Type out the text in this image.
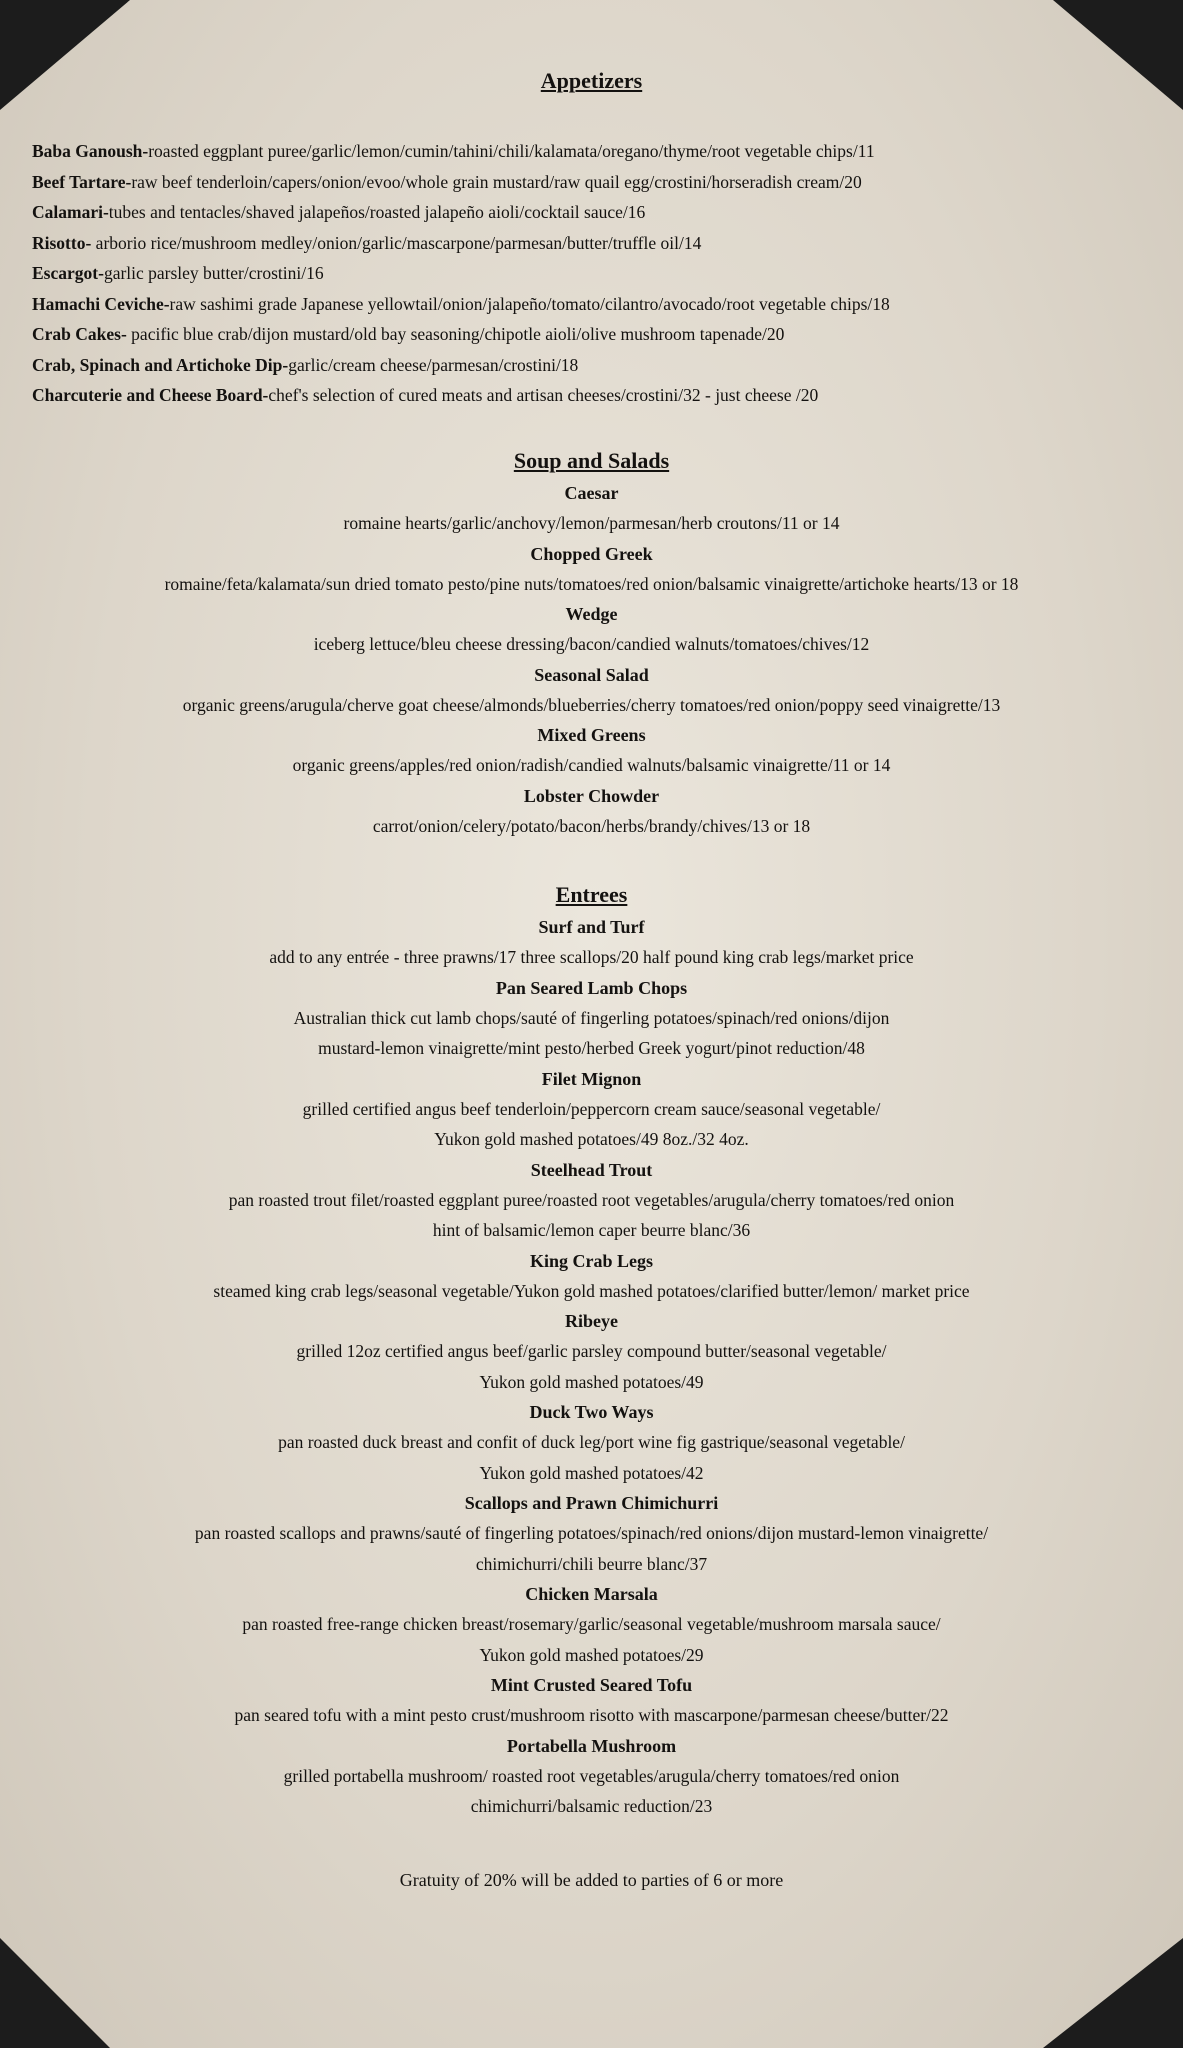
Appetizers
Baba Ganoush-roasted eggplant puree/garlic/lemon/cumin/tahini/chili/kalamata/oregano/thyme/root vegetable chips/11
Beef Tartare-raw beef tenderloin/capers/onion/evoo/whole grain mustard/raw quail egg/crostini/horseradish cream/20
Calamari-tubes and tentacles/shaved jalapeños/roasted jalapeño aioli/cocktail sauce/16
Risotto- arborio rice/mushroom medley/onion/garlic/mascarpone/parmesan/butter/truffle oil/14
Escargot-garlic parsley butter/crostini/16
Hamachi Ceviche-raw sashimi grade Japanese yellowtail/onion/jalapeño/tomato/cilantro/avocado/root vegetable chips/18
Crab Cakes- pacific blue crab/dijon mustard/old bay seasoning/chipotle aioli/olive mushroom tapenade/20
Crab, Spinach and Artichoke Dip-garlic/cream cheese/parmesan/crostini/18
Charcuterie and Cheese Board-chef's selection of cured meats and artisan cheeses/crostini/32 - just cheese /20
Soup and Salads
Caesar
romaine hearts/garlic/anchovy/lemon/parmesan/herb croutons/11 or 14
Chopped Greek
romaine/feta/kalamata/sun dried tomato pesto/pine nuts/tomatoes/red onion/balsamic vinaigrette/artichoke hearts/13 or 18
Wedge
iceberg lettuce/bleu cheese dressing/bacon/candied walnuts/tomatoes/chives/12
Seasonal Salad
organic greens/arugula/cherve goat cheese/almonds/blueberries/cherry tomatoes/red onion/poppy seed vinaigrette/13
Mixed Greens
organic greens/apples/red onion/radish/candied walnuts/balsamic vinaigrette/11 or 14
Lobster Chowder
carrot/onion/celery/potato/bacon/herbs/brandy/chives/13 or 18
Entrees
Surf and Turf
add to any entrée - three prawns/17 three scallops/20 half pound king crab legs/market price
Pan Seared Lamb Chops
Australian thick cut lamb chops/sauté of fingerling potatoes/spinach/red onions/dijon
mustard-lemon vinaigrette/mint pesto/herbed Greek yogurt/pinot reduction/48
Filet Mignon
grilled certified angus beef tenderloin/peppercorn cream sauce/seasonal vegetable/
Yukon gold mashed potatoes/49 8oz./32 4oz.
Steelhead Trout
pan roasted trout filet/roasted eggplant puree/roasted root vegetables/arugula/cherry tomatoes/red onion
hint of balsamic/lemon caper beurre blanc/36
King Crab Legs
steamed king crab legs/seasonal vegetable/Yukon gold mashed potatoes/clarified butter/lemon/ market price
Ribeye
grilled 12oz certified angus beef/garlic parsley compound butter/seasonal vegetable/
Yukon gold mashed potatoes/49
Duck Two Ways
pan roasted duck breast and confit of duck leg/port wine fig gastrique/seasonal vegetable/
Yukon gold mashed potatoes/42
Scallops and Prawn Chimichurri
pan roasted scallops and prawns/sauté of fingerling potatoes/spinach/red onions/dijon mustard-lemon vinaigrette/
chimichurri/chili beurre blanc/37
Chicken Marsala
pan roasted free-range chicken breast/rosemary/garlic/seasonal vegetable/mushroom marsala sauce/
Yukon gold mashed potatoes/29
Mint Crusted Seared Tofu
pan seared tofu with a mint pesto crust/mushroom risotto with mascarpone/parmesan cheese/butter/22
Portabella Mushroom
grilled portabella mushroom/ roasted root vegetables/arugula/cherry tomatoes/red onion
chimichurri/balsamic reduction/23
Gratuity of 20% will be added to parties of 6 or more
